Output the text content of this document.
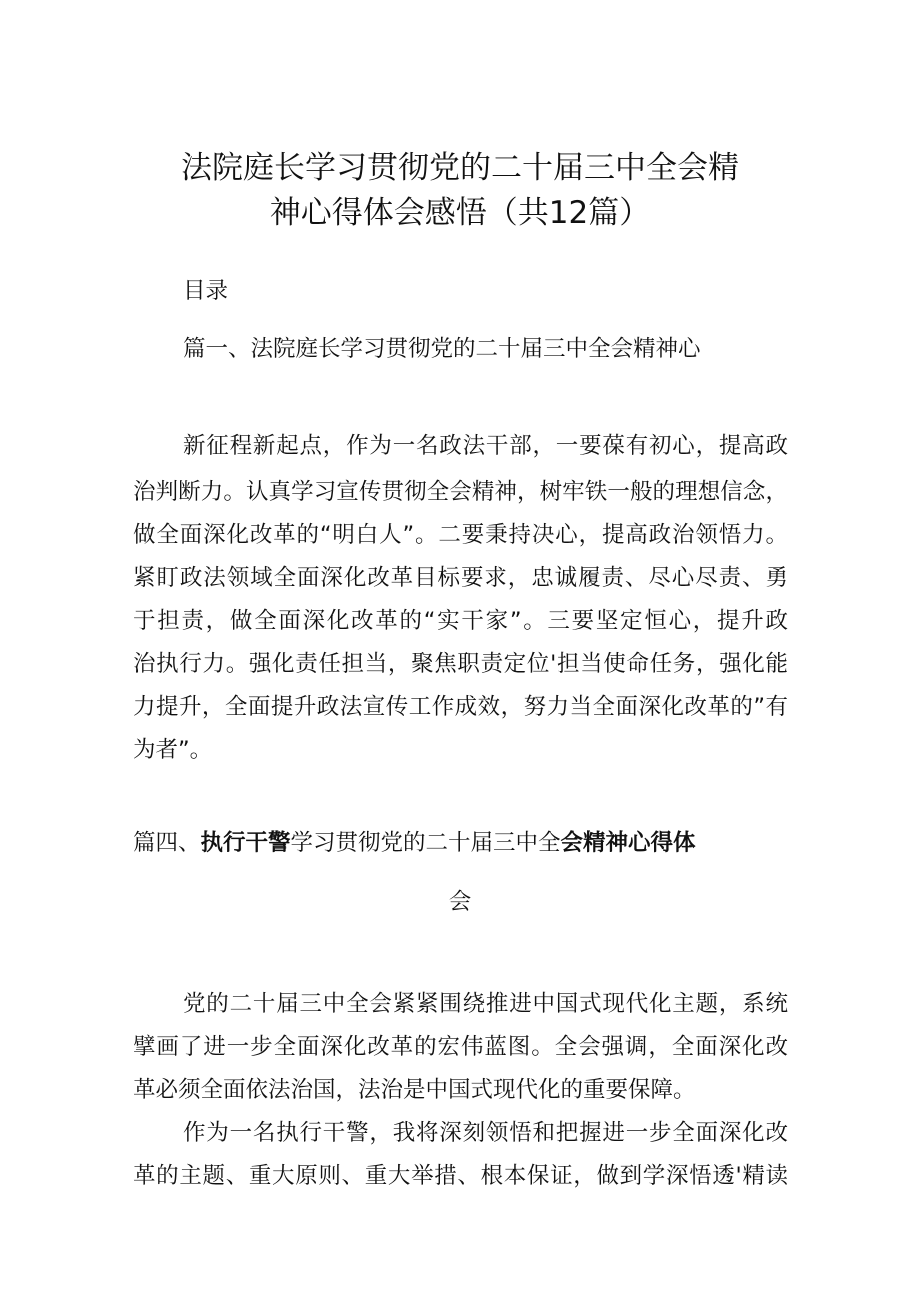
法院庭长学习贯彻党的二十届三中全会精
神心得体会感悟（共12篇）
目录
篇一、法院庭长学习贯彻党的二十届三中全会精神心
新征程新起点，作为一名政法干部，一要葆有初心，提高政
治判断力。认真学习宣传贯彻全会精神，树牢铁一般的理想信念，
做全面深化改革的“明白人”。二要秉持决心，提高政治领悟力。
紧盯政法领域全面深化改革目标要求，忠诚履责、尽心尽责、勇
于担责，做全面深化改革的“实干家”。三要坚定恒心，提升政
治执行力。强化责任担当，聚焦职责定位'担当使命任务，强化能
力提升，全面提升政法宣传工作成效，努力当全面深化改革的”有
为者”。
篇四、执行干警学习贯彻党的二十届三中全会精神心得体
会
党的二十届三中全会紧紧围绕推进中国式现代化主题，系统
擘画了进一步全面深化改革的宏伟蓝图。全会强调，全面深化改
革必须全面依法治国，法治是中国式现代化的重要保障。
作为一名执行干警，我将深刻领悟和把握进一步全面深化改
革的主题、重大原则、重大举措、根本保证，做到学深悟透'精读
